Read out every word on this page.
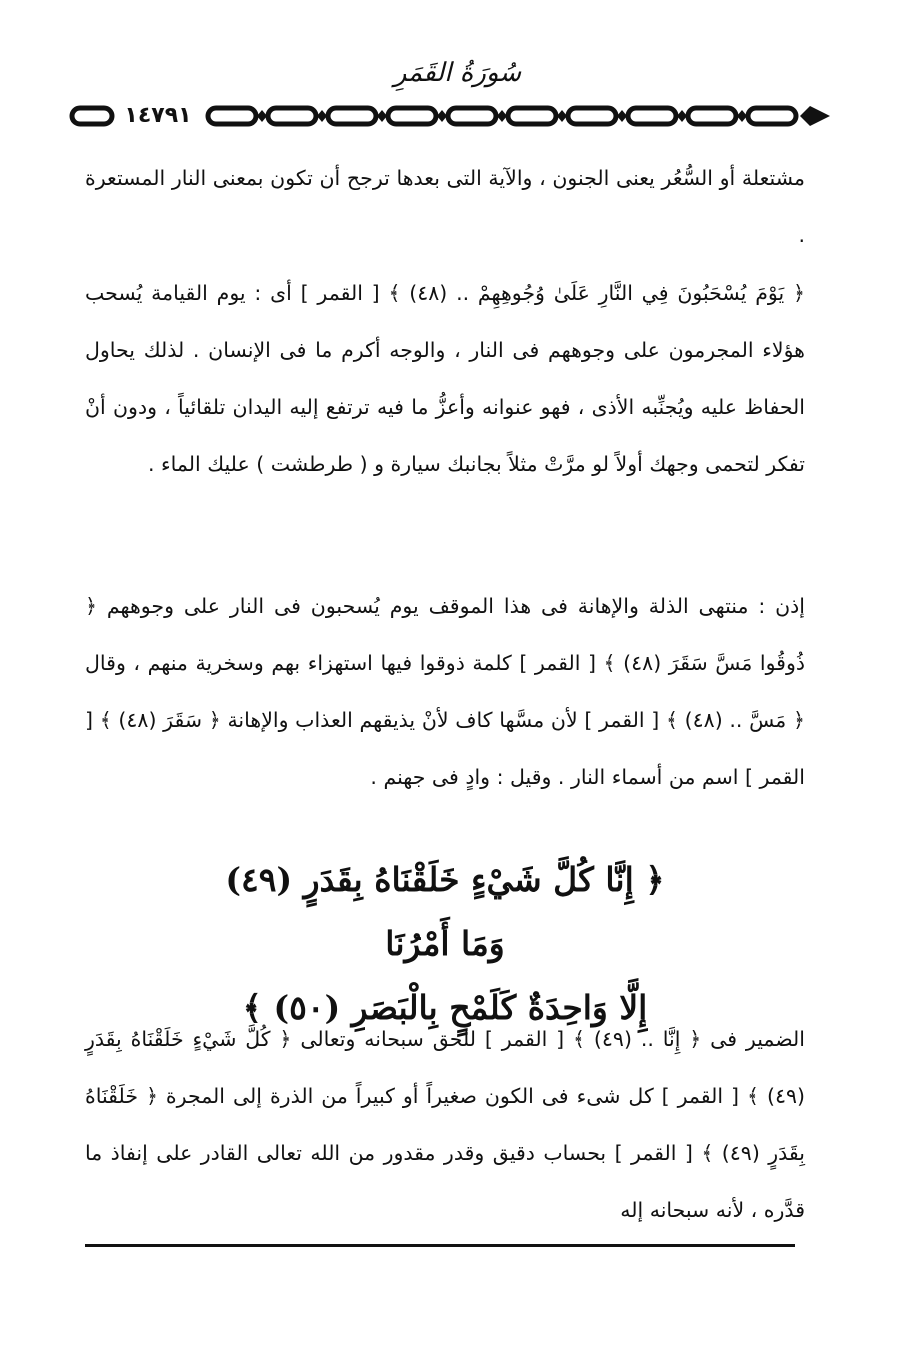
سُورَةُ القَمَرِ
١٤٧٩١

مشتعلة أو السُّعُر يعنى الجنون ، والآية التى بعدها ترجح أن تكون بمعنى النار المستعرة .

﴿ يَوْمَ يُسْحَبُونَ فِي النَّارِ عَلَىٰ وُجُوهِهِمْ .. (٤٨) ﴾ [ القمر ] أى : يوم القيامة يُسحب هؤلاء المجرمون على وجوههم فى النار ، والوجه أكرم ما فى الإنسان . لذلك يحاول الحفاظ عليه ويُجنِّبه الأذى ، فهو عنوانه وأعزُّ ما فيه ترتفع إليه اليدان تلقائياً ، ودون أنْ تفكر لتحمى وجهك أولاً لو مرَّتْ مثلاً بجانبك سيارة و ( طرطشت ) عليك الماء .

إذن : منتهى الذلة والإهانة فى هذا الموقف يوم يُسحبون فى النار على وجوههم ﴿ ذُوقُوا مَسَّ سَقَرَ (٤٨) ﴾ [ القمر ] كلمة ذوقوا فيها استهزاء بهم وسخرية منهم ، وقال ﴿ مَسَّ .. (٤٨) ﴾ [ القمر ] لأن مسَّها كاف لأنْ يذيقهم العذاب والإهانة ﴿ سَقَرَ (٤٨) ﴾ [ القمر ] اسم من أسماء النار . وقيل : وادٍ فى جهنم .

﴿ إِنَّا كُلَّ شَيْءٍ خَلَقْنَاهُ بِقَدَرٍ (٤٩) وَمَا أَمْرُنَا
إِلَّا وَاحِدَةٌ كَلَمْحٍ بِالْبَصَرِ (٥٠) ﴾

الضمير فى ﴿ إِنَّا .. (٤٩) ﴾ [ القمر ] للحق سبحانه وتعالى ﴿ كُلَّ شَيْءٍ خَلَقْنَاهُ بِقَدَرٍ (٤٩) ﴾ [ القمر ] كل شىء فى الكون صغيراً أو كبيراً من الذرة إلى المجرة ﴿ خَلَقْنَاهُ بِقَدَرٍ (٤٩) ﴾ [ القمر ] بحساب دقيق وقدر مقدور من الله تعالى القادر على إنفاذ ما قدَّره ، لأنه سبحانه إله
